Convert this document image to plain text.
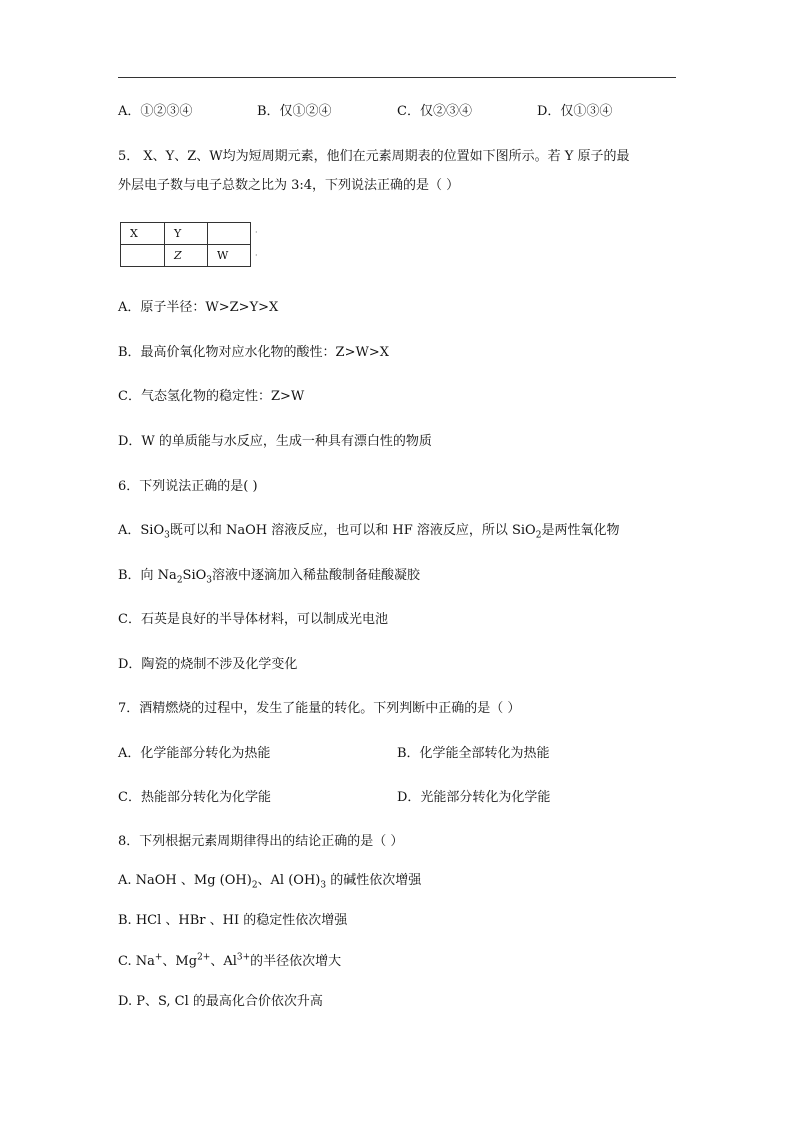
A．①②③④	B．仅①②④	C．仅②③④	D．仅①③④
5． X、Y、Z、W均为短周期元素，他们在元素周期表的位置如下图所示。若 Y 原子的最
外层电子数与电子总数之比为 3:4，下列说法正确的是（ ）
X	Y	
	Z	W
·
·
A．原子半径：W>Z>Y>X
B．最高价氧化物对应水化物的酸性：Z>W>X
C．气态氢化物的稳定性：Z>W
D．W 的单质能与水反应，生成一种具有漂白性的物质
6．下列说法正确的是( )
A．SiO$_3$既可以和 NaOH 溶液反应，也可以和 HF 溶液反应，所以 SiO$_2$是两性氧化物
B．向 $Na_2SiO_3$溶液中逐滴加入稀盐酸制备硅酸凝胶
C．石英是良好的半导体材料，可以制成光电池
D．陶瓷的烧制不涉及化学变化
7．酒精燃烧的过程中，发生了能量的转化。下列判断中正确的是（ ）
A．化学能部分转化为热能	B．化学能全部转化为热能
C．热能部分转化为化学能	D．光能部分转化为化学能
8．下列根据元素周期律得出的结论正确的是（ ）
A. NaOH 、Mg $(OH)_2$、Al $(OH)_3$ 的碱性依次增强
B. HCl 、HBr 、HI 的稳定性依次增强
C. Na+、$Mg^{2+}$、$Al^{3+}$的半径依次增大
D. P、S, Cl 的最高化合价依次升高
